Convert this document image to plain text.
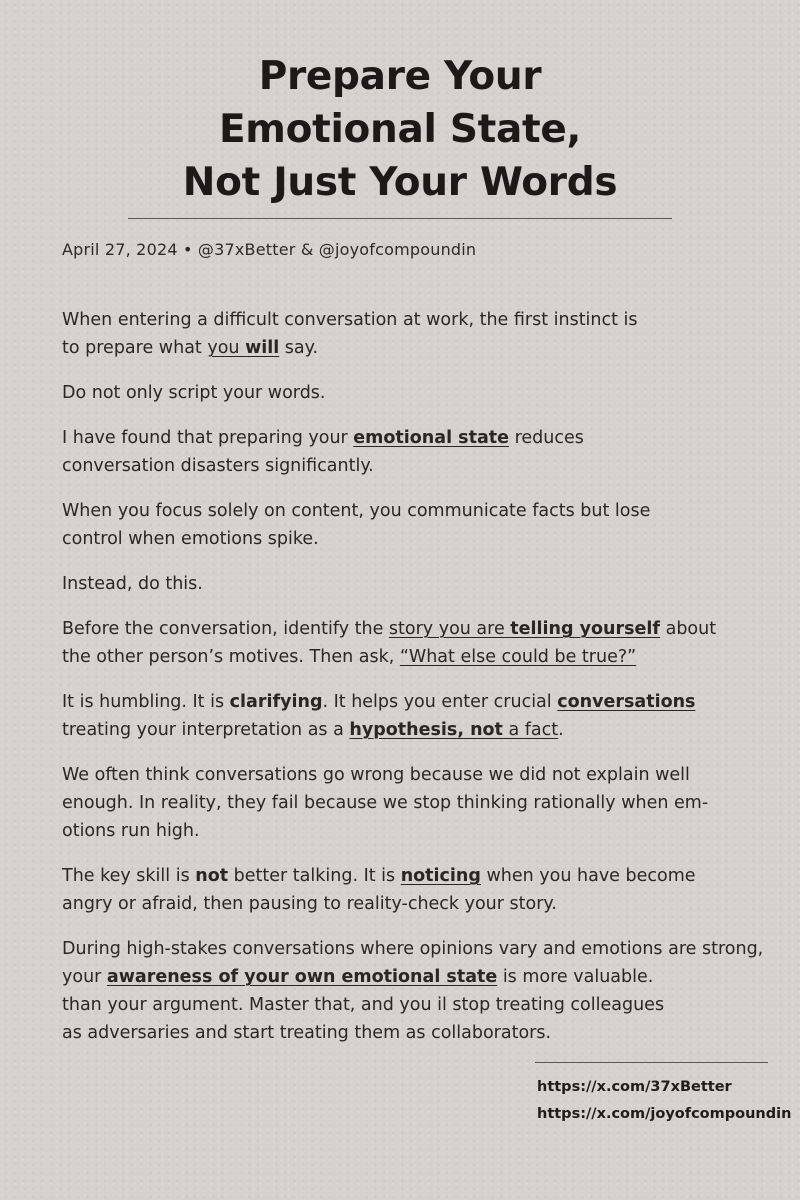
Prepare Your
Emotional State,
Not Just Your Words
April 27, 2024 • @37xBetter & @joyofcompoundin

When entering a difficult conversation at work, the first instinct is
to prepare what you will say.

Do not only script your words.

I have found that preparing your emotional state reduces
conversation disasters significantly.

When you focus solely on content, you communicate facts but lose
control when emotions spike.

Instead, do this.

Before the conversation, identify the story you are telling yourself about
the other person’s motives. Then ask, “What else could be true?”

It is humbling. It is clarifying. It helps you enter crucial conversations
treating your interpretation as a hypothesis, not a fact.

We often think conversations go wrong because we did not explain well
enough. In reality, they fail because we stop thinking rationally when em-
otions run high.

The key skill is not better talking. It is noticing when you have become
angry or afraid, then pausing to reality-check your story.

During high-stakes conversations where opinions vary and emotions are strong,
your awareness of your own emotional state is more valuable.
than your argument. Master that, and you il stop treating colleagues
as adversaries and start treating them as collaborators.

https://x.com/37xBetter
https://x.com/joyofcompoundin
